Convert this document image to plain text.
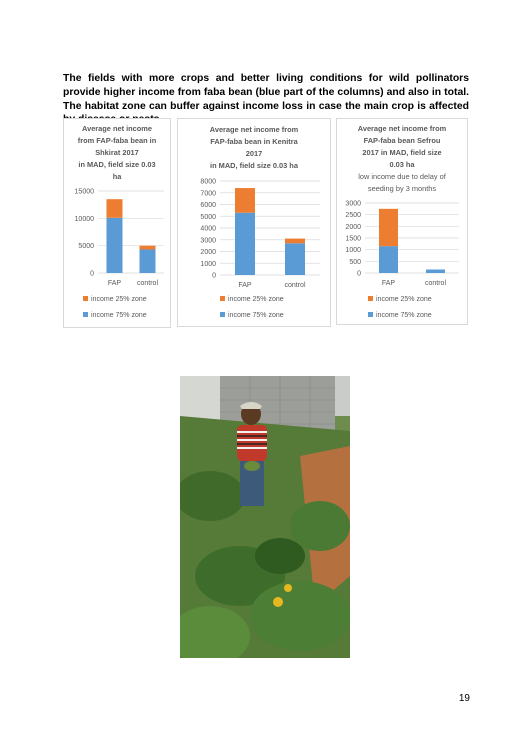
The fields with more crops and better living conditions for wild pollinators provide higher income from faba bean (blue part of the columns) and also in total. The habitat zone can buffer against income loss in case the main crop is affected

Average net income
from FAP-faba bean in
Shkirat 2017
in MAD, field size 0.03
ha
15000
10000
5000
0
FAP control
income 25% zone
income 75% zone
Average net income from
FAP-faba bean in Kenitra
2017
in MAD, field size 0.03 ha
8000
7000
6000
5000
4000
3000
2000
1000
0
FAP	control
income 25% zone
income 75% zone
Average net income from
FAP-faba bean Sefrou
2017 in MAD, field size
0.03 ha
low income due to delay of
seeding by 3 months
3000
2500
2000
1500
1000
500
0
FAP	control
income 25% zone
income 75% zone
19
